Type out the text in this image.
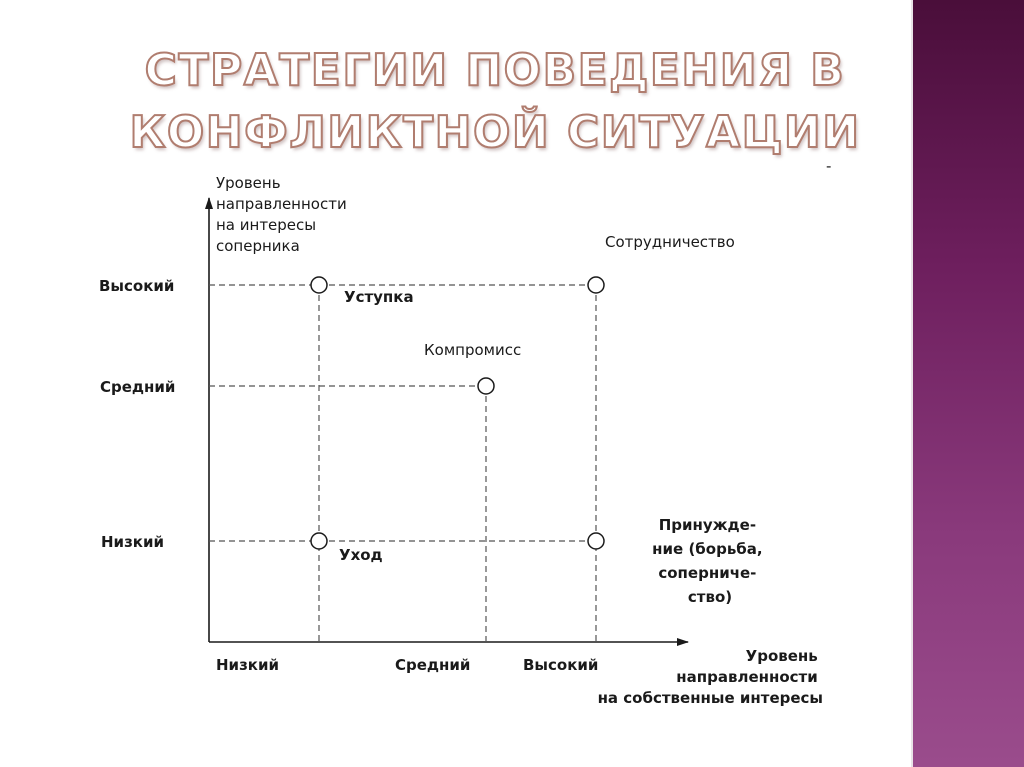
СТРАТЕГИИ ПОВЕДЕНИЯ В
КОНФЛИКТНОЙ СИТУАЦИИ
-
Уровень направленности на интересы соперника
Высокий
Средний
Низкий
Низкий	Средний	Высокий	Уровень направленности на собственные интересы
Сотрудничество
Уступка
Компромисс
Уход
Принужде- ние (борьба, соперниче- ство)
